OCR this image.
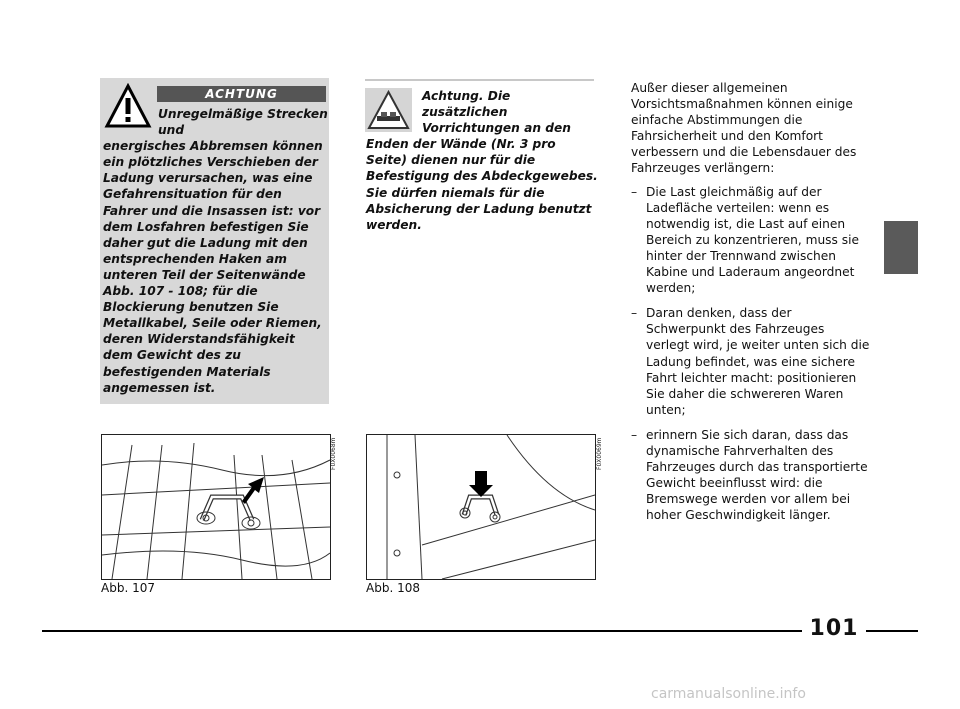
ACHTUNG
Unregelmäßige Strecken und
energisches Abbremsen können ein plötzliches Verschieben der Ladung verursachen, was eine Gefahrensituation für den Fahrer und die Insassen ist: vor dem Losfahren befestigen Sie daher gut die Ladung mit den entsprechenden Haken am unteren Teil der Seitenwände Abb. 107 - 108; für die Blockierung benutzen Sie Metallkabel, Seile oder Riemen, deren Widerstandsfähigkeit dem Gewicht des zu befestigenden Materials angemessen ist.
Achtung. Die zusätzlichen Vorrichtungen an den
Enden der Wände (Nr. 3 pro Seite) dienen nur für die Befestigung des Abdeckgewebes. Sie dürfen niemals für die Absicherung der Ladung benutzt werden.

Außer dieser allgemeinen Vorsichtsmaßnahmen können einige einfache Abstimmungen die Fahrsicherheit und den Komfort verbessern und die Lebensdauer des Fahrzeuges verlängern:

– Die Last gleichmäßig auf der Ladefläche verteilen: wenn es notwendig ist, die Last auf einen Bereich zu konzentrieren, muss sie hinter der Trennwand zwischen Kabine und Laderaum angeordnet werden;
– Daran denken, dass der Schwerpunkt des Fahrzeuges verlegt wird, je weiter unten sich die Ladung befindet, was eine sichere Fahrt leichter macht: positionieren Sie daher die schwereren Waren unten;
– erinnern Sie sich daran, dass das dynamische Fahrverhalten des Fahrzeuges durch das transportierte Gewicht beeinflusst wird: die Bremswege werden vor allem bei hoher Geschwindigkeit länger.
F0X0068m
Abb. 107
F0X0069m
Abb. 108
101
carmanualsonline.info
